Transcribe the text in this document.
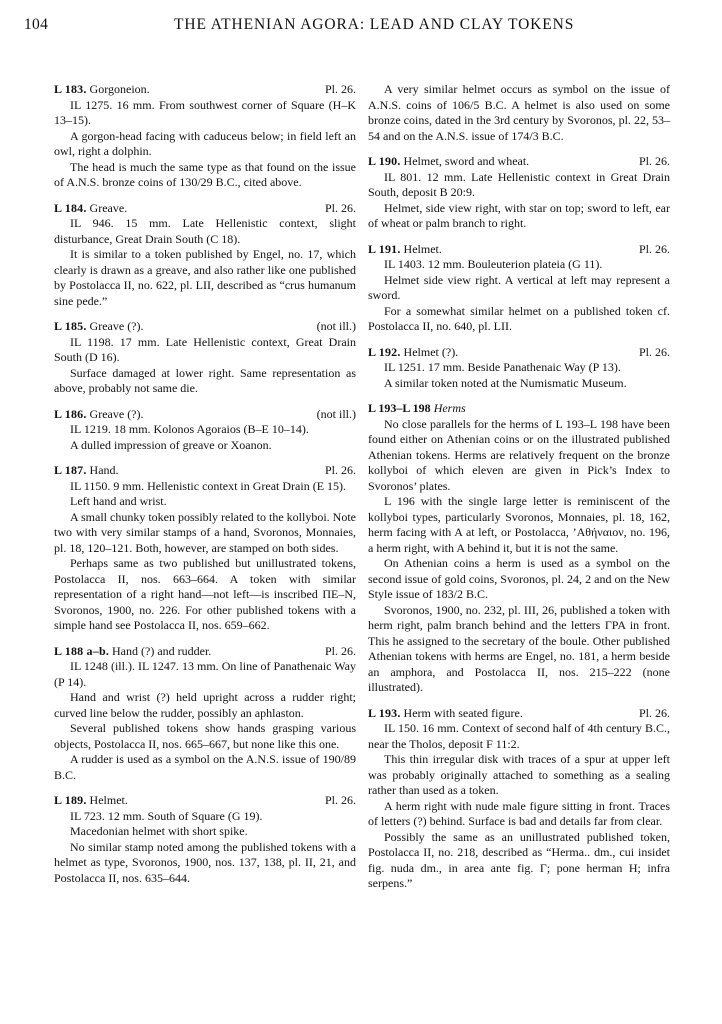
104	THE ATHENIAN AGORA: LEAD AND CLAY TOKENS
L 183. Gorgoneion.	Pl. 26.

IL 1275. 16 mm. From southwest corner of Square (H–K 13–15).

A gorgon-head facing with caduceus below; in field left an owl, right a dolphin.

The head is much the same type as that found on the issue of A.N.S. bronze coins of 130/29 B.C., cited above.

L 184. Greave.	Pl. 26.

IL 946. 15 mm. Late Hellenistic context, slight disturbance, Great Drain South (C 18).

It is similar to a token published by Engel, no. 17, which clearly is drawn as a greave, and also rather like one published by Postolacca II, no. 622, pl. LII, described as “crus humanum sine pede.”

L 185. Greave (?).	(not ill.)

IL 1198. 17 mm. Late Hellenistic context, Great Drain South (D 16).

Surface damaged at lower right. Same representation as above, probably not same die.

L 186. Greave (?).	(not ill.)

IL 1219. 18 mm. Kolonos Agoraios (B–E 10–14).

A dulled impression of greave or Xoanon.

L 187. Hand.	Pl. 26.

IL 1150. 9 mm. Hellenistic context in Great Drain (E 15).

Left hand and wrist.

A small chunky token possibly related to the kollyboi. Note two with very similar stamps of a hand, Svoronos, Monnaies, pl. 18, 120–121. Both, however, are stamped on both sides.

Perhaps same as two published but unillustrated tokens, Postolacca II, nos. 663–664. A token with similar representation of a right hand—not left—is inscribed ΠΕ–Ν, Svoronos, 1900, no. 226. For other published tokens with a simple hand see Postolacca II, nos. 659–662.

L 188 a–b. Hand (?) and rudder.	Pl. 26.

IL 1248 (ill.). IL 1247. 13 mm. On line of Panathenaic Way (P 14).

Hand and wrist (?) held upright across a rudder right; curved line below the rudder, possibly an aphlaston.

Several published tokens show hands grasping various objects, Postolacca II, nos. 665–667, but none like this one.

A rudder is used as a symbol on the A.N.S. issue of 190/89 B.C.

L 189. Helmet.	Pl. 26.

IL 723. 12 mm. South of Square (G 19).

Macedonian helmet with short spike.

No similar stamp noted among the published tokens with a helmet as type, Svoronos, 1900, nos. 137, 138, pl. II, 21, and Postolacca II, nos. 635–644.

A very similar helmet occurs as symbol on the issue of A.N.S. coins of 106/5 B.C. A helmet is also used on some bronze coins, dated in the 3rd century by Svoronos, pl. 22, 53–54 and on the A.N.S. issue of 174/3 B.C.

L 190. Helmet, sword and wheat.	Pl. 26.

IL 801. 12 mm. Late Hellenistic context in Great Drain South, deposit B 20:9.

Helmet, side view right, with star on top; sword to left, ear of wheat or palm branch to right.

L 191. Helmet.	Pl. 26.

IL 1403. 12 mm. Bouleuterion plateia (G 11).

Helmet side view right. A vertical at left may represent a sword.

For a somewhat similar helmet on a published token cf. Postolacca II, no. 640, pl. LII.

L 192. Helmet (?).	Pl. 26.

IL 1251. 17 mm. Beside Panathenaic Way (P 13).

A similar token noted at the Numismatic Museum.

L 193–L 198 Herms

No close parallels for the herms of L 193–L 198 have been found either on Athenian coins or on the illustrated published Athenian tokens. Herms are relatively frequent on the bronze kollyboi of which eleven are given in Pick’s Index to Svoronos’ plates.

L 196 with the single large letter is reminiscent of the kollyboi types, particularly Svoronos, Monnaies, pl. 18, 162, herm facing with A at left, or Postolacca, ’Αθήναιον, no. 196, a herm right, with A behind it, but it is not the same.

On Athenian coins a herm is used as a symbol on the second issue of gold coins, Svoronos, pl. 24, 2 and on the New Style issue of 183/2 B.C.

Svoronos, 1900, no. 232, pl. III, 26, published a token with herm right, palm branch behind and the letters ΓΡΑ in front. This he assigned to the secretary of the boule. Other published Athenian tokens with herms are Engel, no. 181, a herm beside an amphora, and Postolacca II, nos. 215–222 (none illustrated).

L 193. Herm with seated figure.	Pl. 26.

IL 150. 16 mm. Context of second half of 4th century B.C., near the Tholos, deposit F 11:2.

This thin irregular disk with traces of a spur at upper left was probably originally attached to something as a sealing rather than used as a token.

A herm right with nude male figure sitting in front. Traces of letters (?) behind. Surface is bad and details far from clear.

Possibly the same as an unillustrated published token, Postolacca II, no. 218, described as “Herma.. dm., cui insidet fig. nuda dm., in area ante fig. Γ; pone herman Η; infra serpens.”
